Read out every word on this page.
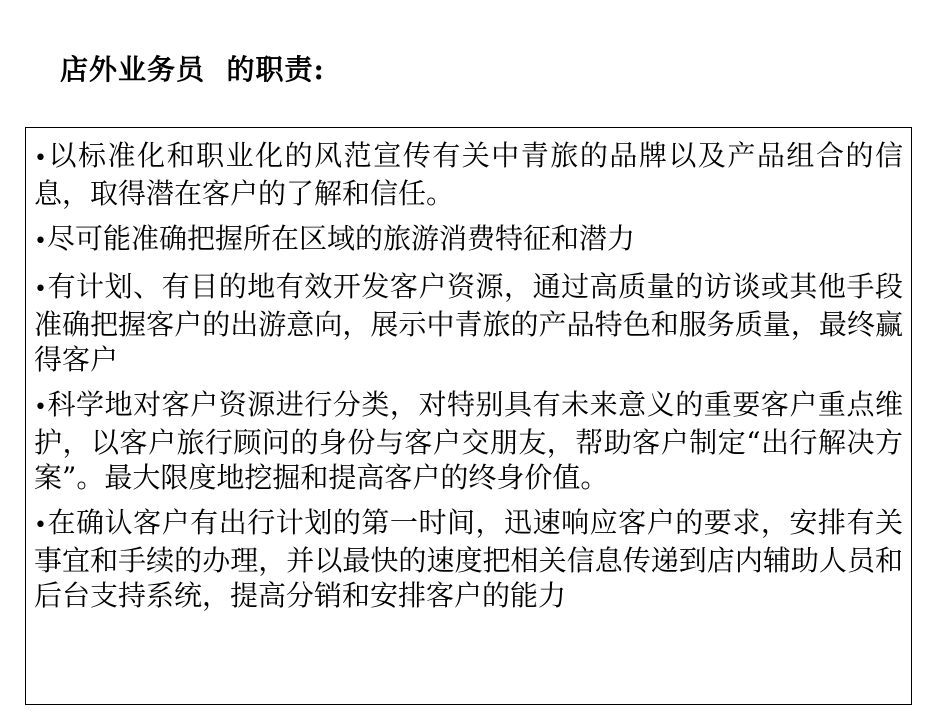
店外业务员  的职责:
•以标准化和职业化的风范宣传有关中青旅的品牌以及产品组合的信息，取得潜在客户的了解和信任。
•尽可能准确把握所在区域的旅游消费特征和潜力
•有计划、有目的地有效开发客户资源，通过高质量的访谈或其他手段准确把握客户的出游意向，展示中青旅的产品特色和服务质量，最终赢得客户
•科学地对客户资源进行分类，对特别具有未来意义的重要客户重点维护，以客户旅行顾问的身份与客户交朋友，帮助客户制定“出行解决方案”。最大限度地挖掘和提高客户的终身价值。
•在确认客户有出行计划的第一时间，迅速响应客户的要求，安排有关事宜和手续的办理，并以最快的速度把相关信息传递到店内辅助人员和后台支持系统，提高分销和安排客户的能力
